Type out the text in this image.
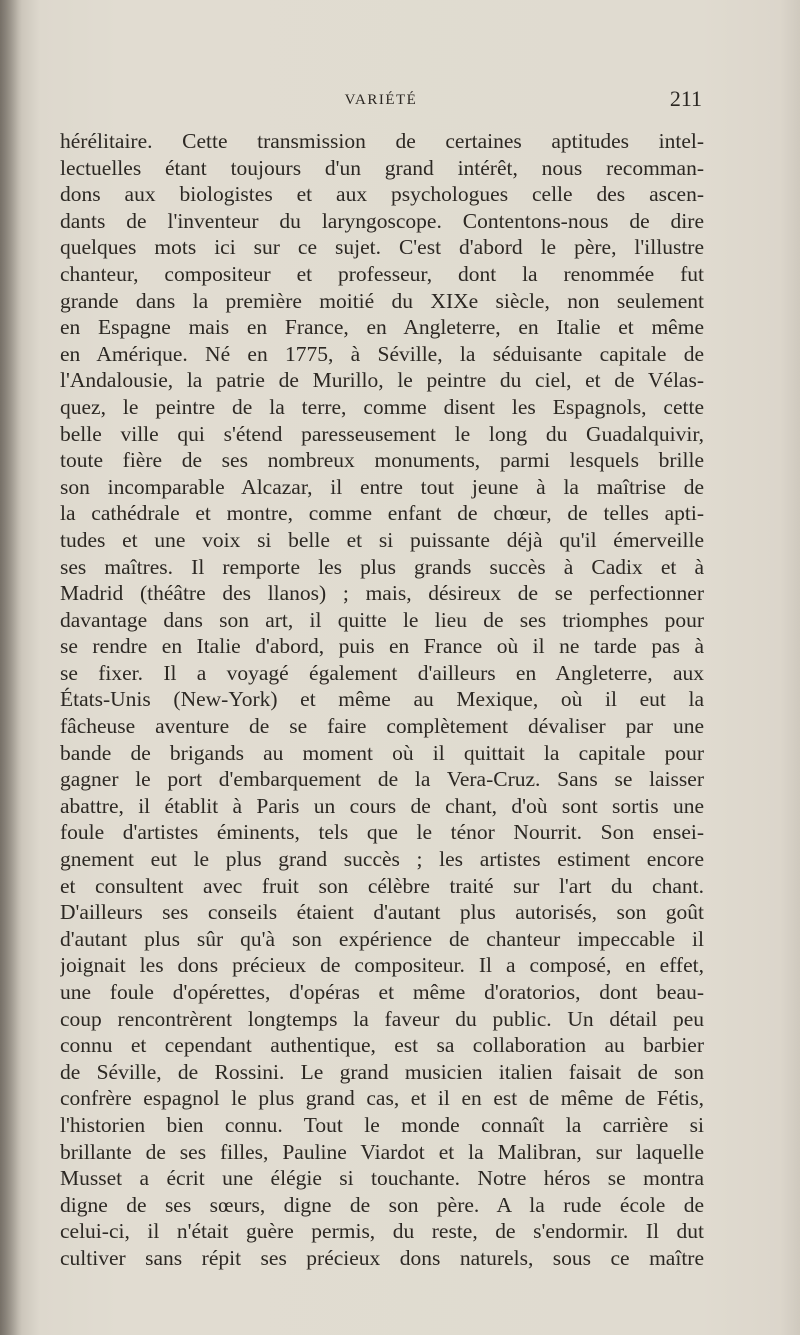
VARIÉTÉ	211
hérélitaire. Cette transmission de certaines aptitudes intel-
lectuelles étant toujours d'un grand intérêt, nous recomman-
dons aux biologistes et aux psychologues celle des ascen-
dants de l'inventeur du laryngoscope. Contentons-nous de dire
quelques mots ici sur ce sujet. C'est d'abord le père, l'illustre
chanteur, compositeur et professeur, dont la renommée fut
grande dans la première moitié du XIXe siècle, non seulement
en Espagne mais en France, en Angleterre, en Italie et même
en Amérique. Né en 1775, à Séville, la séduisante capitale de
l'Andalousie, la patrie de Murillo, le peintre du ciel, et de Vélas-
quez, le peintre de la terre, comme disent les Espagnols, cette
belle ville qui s'étend paresseusement le long du Guadalquivir,
toute fière de ses nombreux monuments, parmi lesquels brille
son incomparable Alcazar, il entre tout jeune à la maîtrise de
la cathédrale et montre, comme enfant de chœur, de telles apti-
tudes et une voix si belle et si puissante déjà qu'il émerveille
ses maîtres. Il remporte les plus grands succès à Cadix et à
Madrid (théâtre des llanos) ; mais, désireux de se perfectionner
davantage dans son art, il quitte le lieu de ses triomphes pour
se rendre en Italie d'abord, puis en France où il ne tarde pas à
se fixer. Il a voyagé également d'ailleurs en Angleterre, aux
États-Unis (New-York) et même au Mexique, où il eut la
fâcheuse aventure de se faire complètement dévaliser par une
bande de brigands au moment où il quittait la capitale pour
gagner le port d'embarquement de la Vera-Cruz. Sans se laisser
abattre, il établit à Paris un cours de chant, d'où sont sortis une
foule d'artistes éminents, tels que le ténor Nourrit. Son ensei-
gnement eut le plus grand succès ; les artistes estiment encore
et consultent avec fruit son célèbre traité sur l'art du chant.
D'ailleurs ses conseils étaient d'autant plus autorisés, son goût
d'autant plus sûr qu'à son expérience de chanteur impeccable il
joignait les dons précieux de compositeur. Il a composé, en effet,
une foule d'opérettes, d'opéras et même d'oratorios, dont beau-
coup rencontrèrent longtemps la faveur du public. Un détail peu
connu et cependant authentique, est sa collaboration au barbier
de Séville, de Rossini. Le grand musicien italien faisait de son
confrère espagnol le plus grand cas, et il en est de même de Fétis,
l'historien bien connu. Tout le monde connaît la carrière si
brillante de ses filles, Pauline Viardot et la Malibran, sur laquelle
Musset a écrit une élégie si touchante. Notre héros se montra
digne de ses sœurs, digne de son père. A la rude école de
celui-ci, il n'était guère permis, du reste, de s'endormir. Il dut
cultiver sans répit ses précieux dons naturels, sous ce maître
